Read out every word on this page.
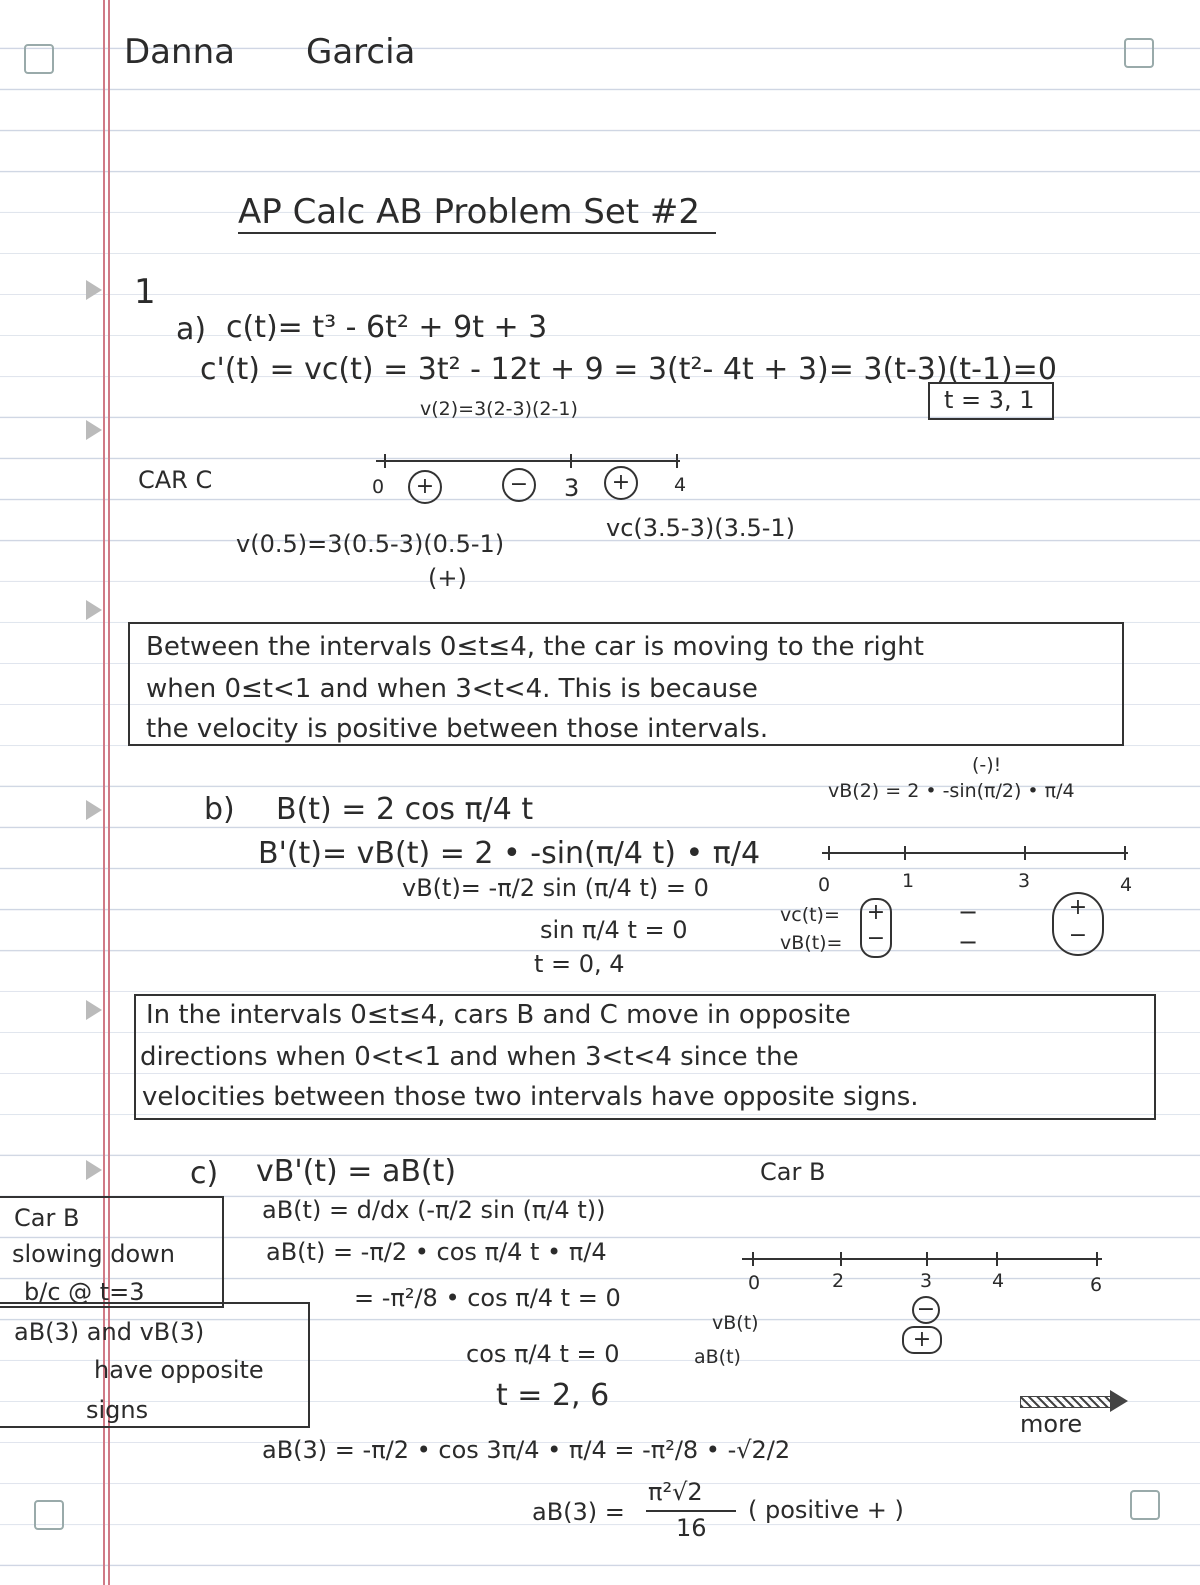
Danna Garcia
AP Calc AB Problem Set #2
1
a) c(t)= t³ - 6t² + 9t + 3
c'(t) = vc(t) = 3t² - 12t + 9 = 3(t²- 4t + 3)= 3(t-3)(t-1)=0
v(2)=3(2-3)(2-1)	t = 3, 1
CAR C	0	3	4
+	−	+
v(0.5)=3(0.5-3)(0.5-1)
(+)
vc(3.5-3)(3.5-1)
Between the intervals 0≤t≤4, the car is moving to the right
when 0≤t<1 and when 3<t<4. This is because
the velocity is positive between those intervals.
b) B(t) = 2 cos π/4 t
B'(t)= vB(t) = 2 • -sin(π/4 t) • π/4
vB(t)= -π/2 sin (π/4 t) = 0
sin π/4 t = 0
t = 0, 4
(-)!
vB(2) = 2 • -sin(π/2) • π/4
0	1	3	4
vc(t)=
vB(t)=
+
−
−
−
+
−
In the intervals 0≤t≤4, cars B and C move in opposite
directions when 0<t<1 and when 3<t<4 since the
velocities between those two intervals have opposite signs.
c) vB'(t) = aB(t)
aB(t) = d/dx (-π/2 sin (π/4 t))
aB(t) = -π/2 • cos π/4 t • π/4
= -π²/8 • cos π/4 t = 0
cos π/4 t = 0
t = 2, 6
aB(3) = -π/2 • cos 3π/4 • π/4 = -π²/8 • -√2/2
aB(3) =
π²√2
16
( positive + )
Car B
0	2	3	4	6
vB(t)
aB(t)
−
+
Car B
slowing down
b/c @ t=3
aB(3) and vB(3)
have opposite
signs	more
